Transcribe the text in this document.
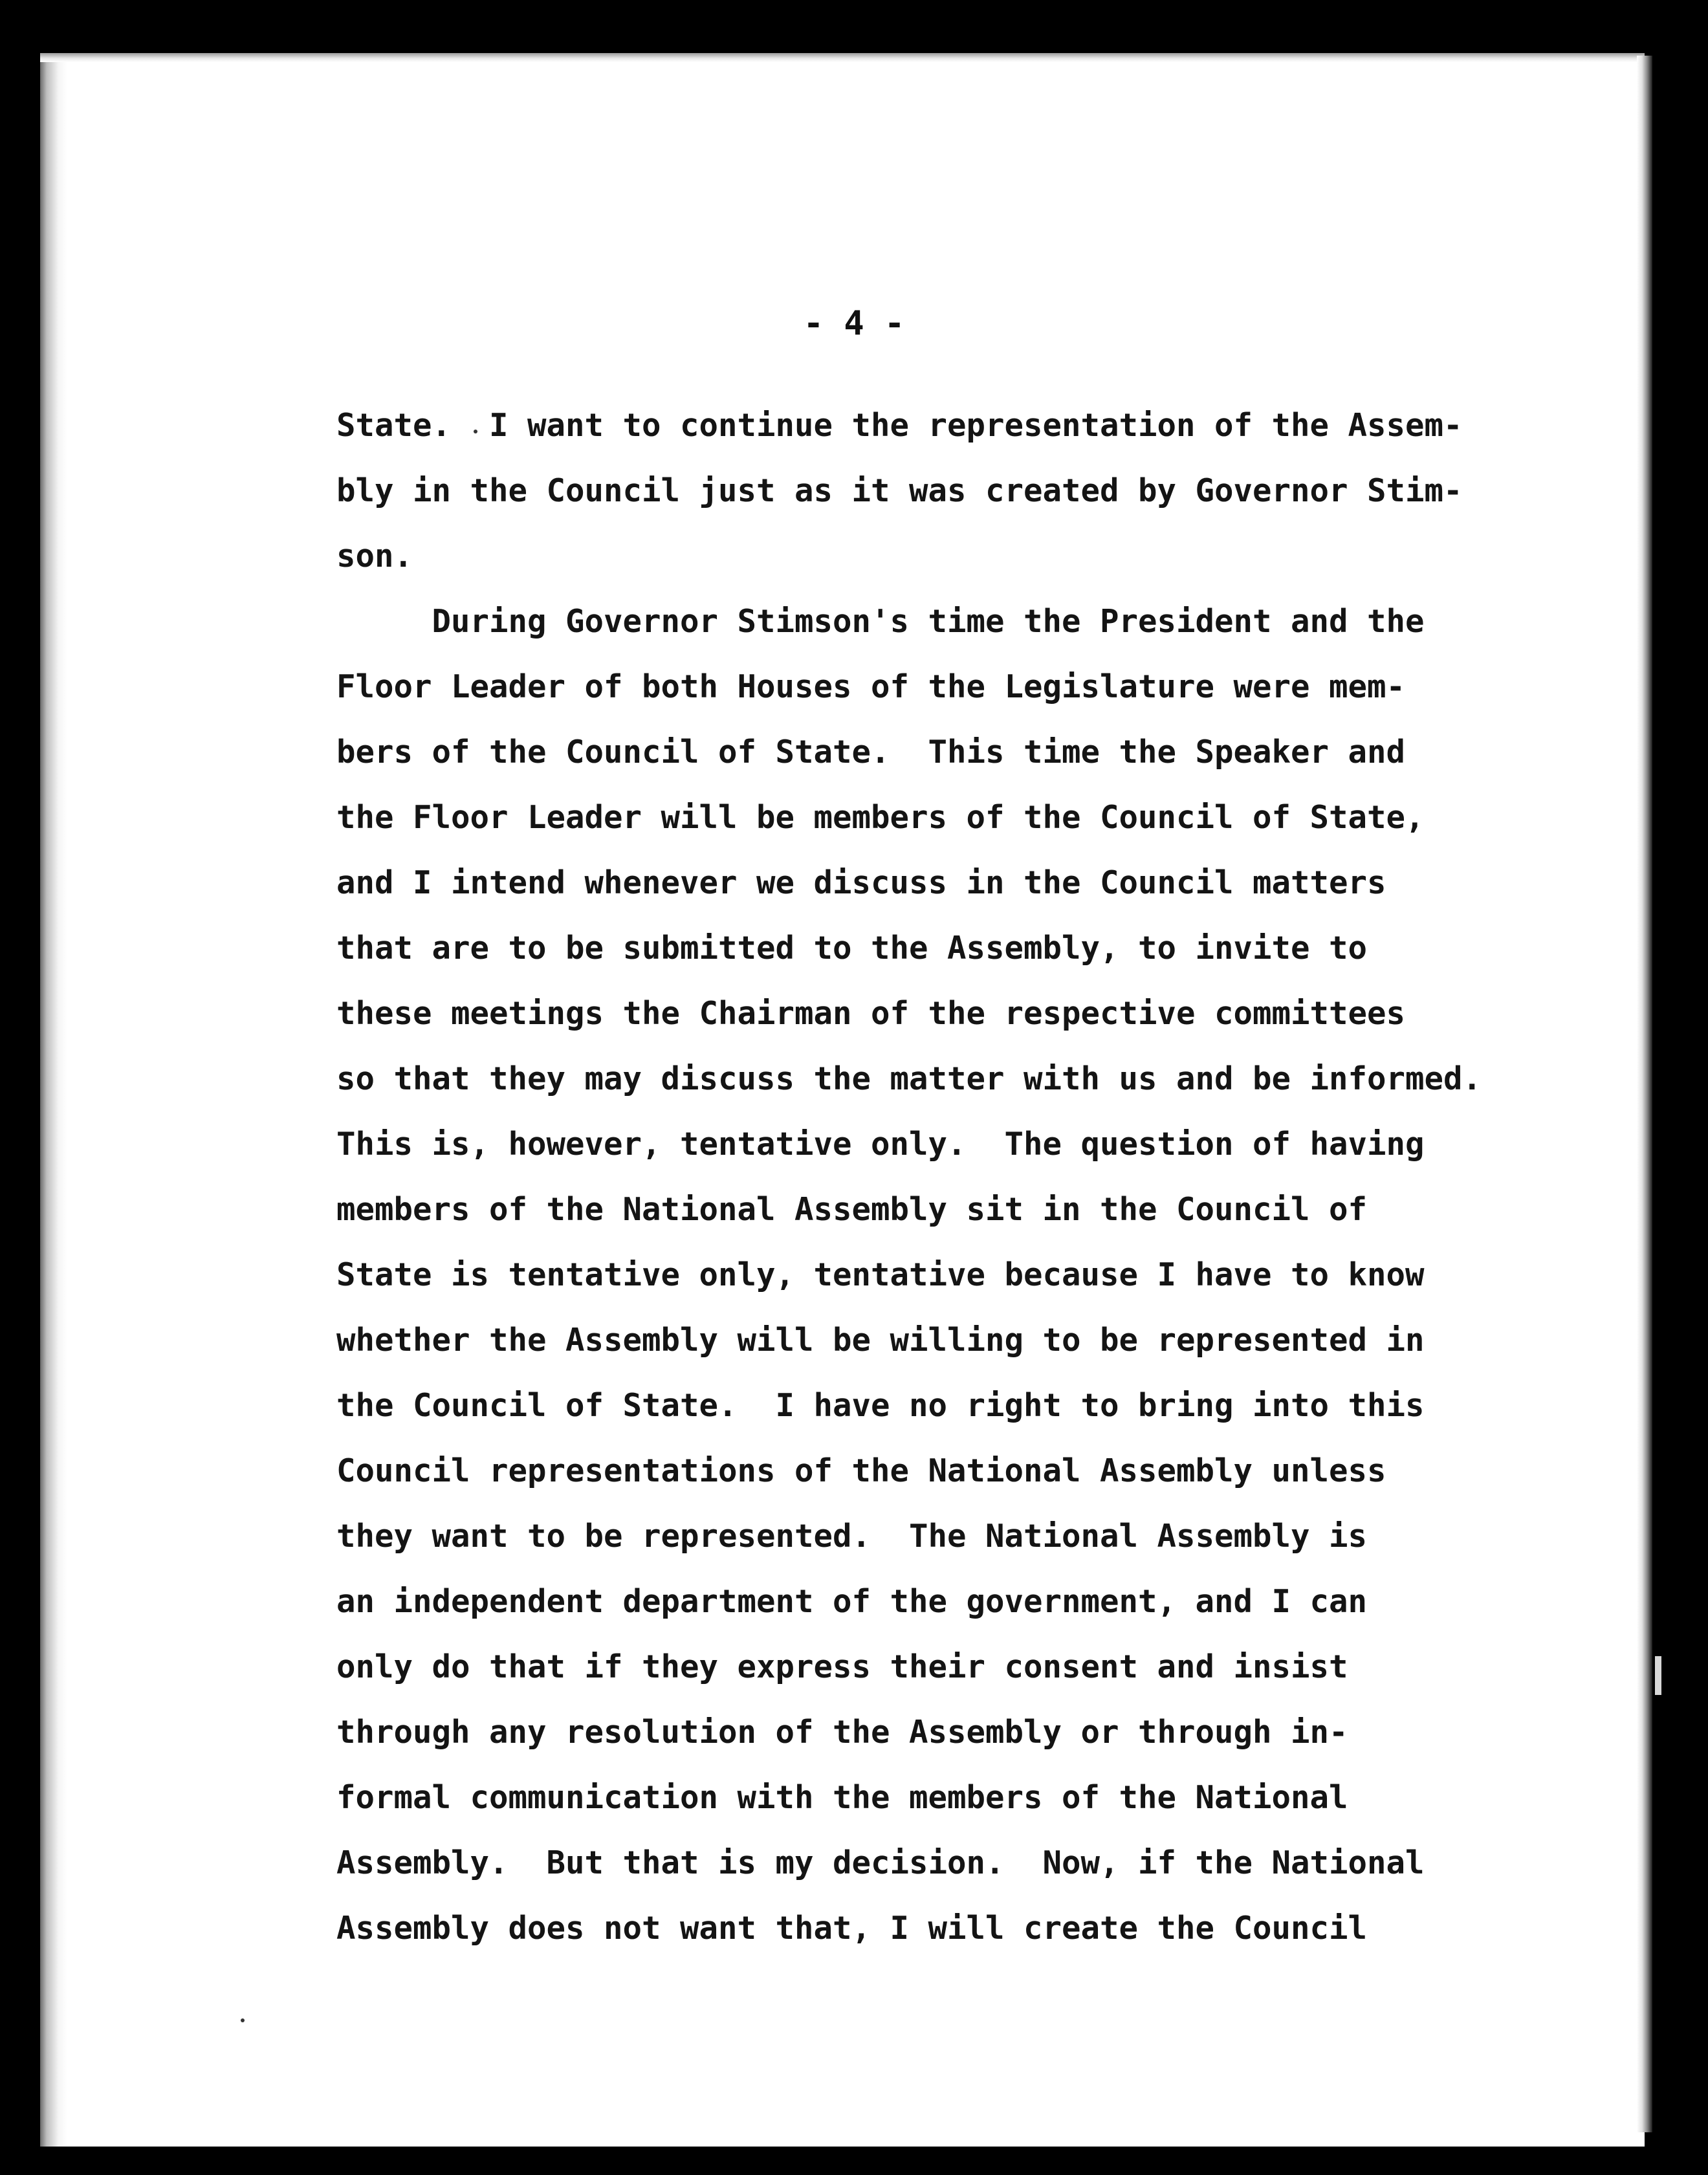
- 4 -
State.  I want to continue the representation of the Assem-
bly in the Council just as it was created by Governor Stim-
son.
During Governor Stimson's time the President and the
Floor Leader of both Houses of the Legislature were mem-
bers of the Council of State.  This time the Speaker and
the Floor Leader will be members of the Council of State,
and I intend whenever we discuss in the Council matters
that are to be submitted to the Assembly, to invite to
these meetings the Chairman of the respective committees
so that they may discuss the matter with us and be informed.
This is, however, tentative only.  The question of having
members of the National Assembly sit in the Council of
State is tentative only, tentative because I have to know
whether the Assembly will be willing to be represented in
the Council of State.  I have no right to bring into this
Council representations of the National Assembly unless
they want to be represented.  The National Assembly is
an independent department of the government, and I can
only do that if they express their consent and insist
through any resolution of the Assembly or through in-
formal communication with the members of the National
Assembly.  But that is my decision.  Now, if the National
Assembly does not want that, I will create the Council
